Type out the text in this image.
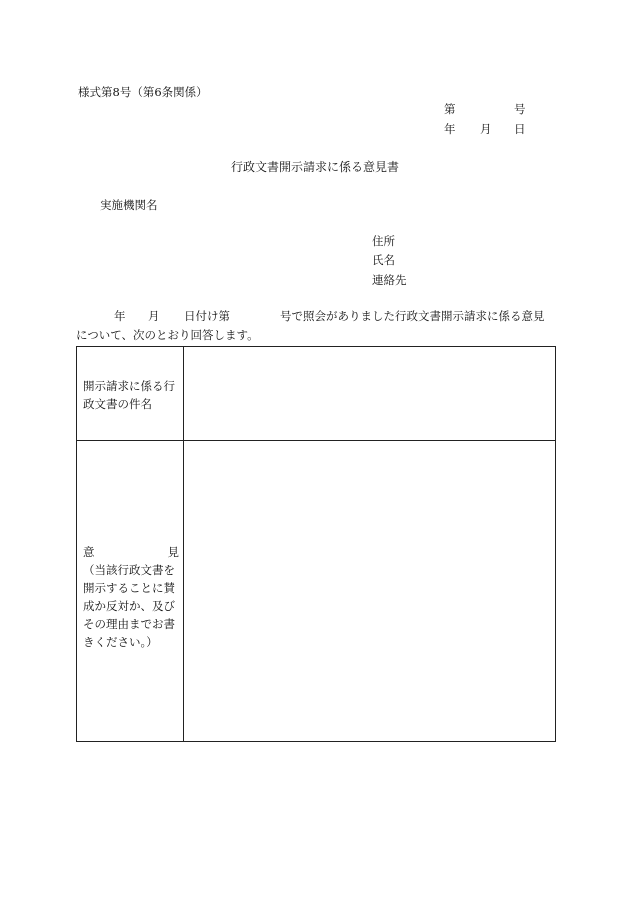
様式第8号（第6条関係）
第	号
年 月 日
行政文書開示請求に係る意見書
実施機関名
住所
氏名
連絡先
年 月 日付け第	号で照会がありました行政文書開示請求に係る意見
について、次のとおり回答します。
開示請求に係る行
政文書の件名
意	見
（当該行政文書を
開示することに賛
成か反対か、及び
その理由までお書
きください。）
